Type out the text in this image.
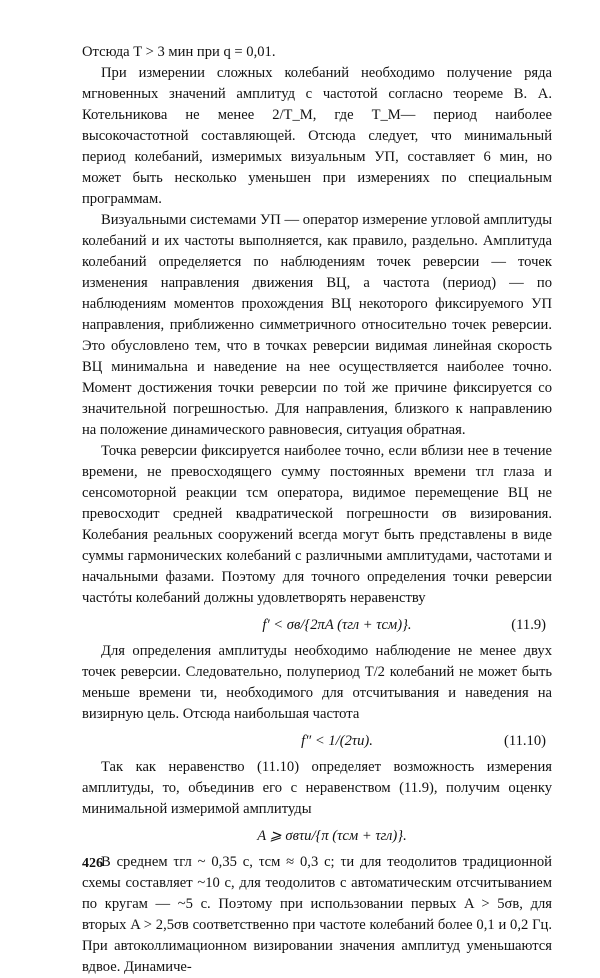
Отсюда T > 3 мин при q = 0,01.

При измерении сложных колебаний необходимо получение ряда мгновенных значений амплитуд с частотой согласно теореме В. А. Котельникова не менее 2/T_M, где T_M— период наиболее высокочастотной составляющей. Отсюда следует, что минимальный период колебаний, измеримых визуальным УП, составляет 6 мин, но может быть несколько уменьшен при измерениях по специальным программам.

Визуальными системами УП — оператор измерение угловой амплитуды колебаний и их частоты выполняется, как правило, раздельно. Амплитуда колебаний определяется по наблюдениям точек реверсии — точек изменения направления движения ВЦ, а частота (период) — по наблюдениям моментов прохождения ВЦ некоторого фиксируемого УП направления, приближенно симметричного относительно точек реверсии. Это обусловлено тем, что в точках реверсии видимая линейная скорость ВЦ минимальна и наведение на нее осуществляется наиболее точно. Момент достижения точки реверсии по той же причине фиксируется со значительной погрешностью. Для направления, близкого к направлению на положение динамического равновесия, ситуация обратная.

Точка реверсии фиксируется наиболее точно, если вблизи нее в течение времени, не превосходящего сумму постоянных времени τгл глаза и сенсомоторной реакции τсм оператора, видимое перемещение ВЦ не превосходит средней квадратической погрешности σв визирования. Колебания реальных сооружений всегда могут быть представлены в виде суммы гармонических колебаний с различными амплитудами, частотами и начальными фазами. Поэтому для точного определения точки реверсии частóты колебаний должны удовлетворять неравенству

f′ < σв/{2πA (τгл + τсм)}.	(11.9)

Для определения амплитуды необходимо наблюдение не менее двух точек реверсии. Следовательно, полупериод T/2 колебаний не может быть меньше времени τи, необходимого для отсчитывания и наведения на визирную цель. Отсюда наибольшая частота

f″ < 1/(2τи).	(11.10)

Так как неравенство (11.10) определяет возможность измерения амплитуды, то, объединив его с неравенством (11.9), получим оценку минимальной измеримой амплитуды

A ⩾ σвτи/{π (τсм + τгл)}.

В среднем τгл ~ 0,35 с, τсм ≈ 0,3 с; τи для теодолитов традиционной схемы составляет ~10 с, для теодолитов с автоматическим отсчитыванием по кругам — ~5 с. Поэтому при использовании первых A > 5σв, для вторых A > 2,5σв соответственно при частоте колебаний более 0,1 и 0,2 Гц. При автоколлимационном визировании значения амплитуд уменьшаются вдвое. Динамиче-

426
